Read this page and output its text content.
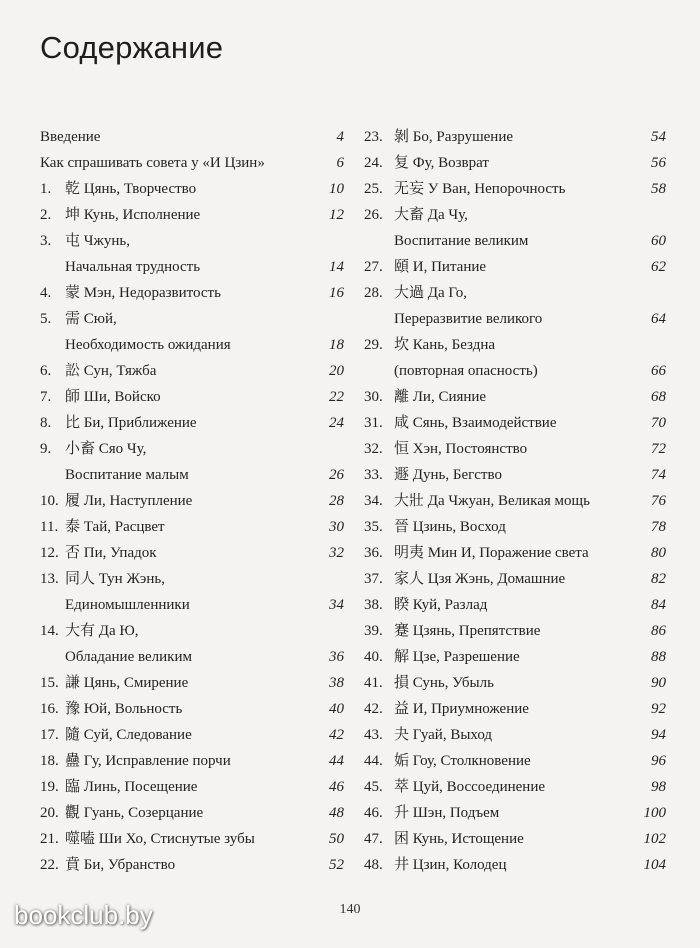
Содержание
Введение	4
Как спрашивать совета у «И Цзин»	6
1. 乾 Цянь, Творчество	10
2. 坤 Кунь, Исполнение	12
3. 屯 Чжунь,
Начальная трудность	14
4. 蒙 Мэн, Недоразвитость	16
5. 需 Сюй,
Необходимость ожидания	18
6. 訟 Сун, Тяжба	20
7. 師 Ши, Войско	22
8. 比 Би, Приближение	24
9. 小畜 Сяо Чу,
Воспитание малым	26
10. 履 Ли, Наступление	28
11. 泰 Тай, Расцвет	30
12. 否 Пи, Упадок	32
13. 同人 Тун Жэнь,
Единомышленники	34
14. 大有 Да Ю,
Обладание великим	36
15. 謙 Цянь, Смирение	38
16. 豫 Юй, Вольность	40
17. 隨 Суй, Следование	42
18. 蠱 Гу, Исправление порчи	44
19. 臨 Линь, Посещение	46
20. 觀 Гуань, Созерцание	48
21. 噬嗑 Ши Хо, Стиснутые зубы	50
22. 賁 Би, Убранство	52
23. 剝 Бо, Разрушение	54
24. 复 Фу, Возврат	56
25. 无妄 У Ван, Непорочность	58
26. 大畜 Да Чу,
Воспитание великим	60
27. 頤 И, Питание	62
28. 大過 Да Го,
Переразвитие великого	64
29. 坎 Кань, Бездна
(повторная опасность)	66
30. 離 Ли, Сияние	68
31. 咸 Сянь, Взаимодействие	70
32. 恒 Хэн, Постоянство	72
33. 遯 Дунь, Бегство	74
34. 大壯 Да Чжуан, Великая мощь	76
35. 晉 Цзинь, Восход	78
36. 明夷 Мин И, Поражение света	80
37. 家人 Цзя Жэнь, Домашние	82
38. 睽 Куй, Разлад	84
39. 蹇 Цзянь, Препятствие	86
40. 解 Цзе, Разрешение	88
41. 損 Сунь, Убыль	90
42. 益 И, Приумножение	92
43. 夬 Гуай, Выход	94
44. 姤 Гоу, Столкновение	96
45. 萃 Цуй, Воссоединение	98
46. 升 Шэн, Подъем	100
47. 困 Кунь, Истощение	102
48. 井 Цзин, Колодец	104
140
bookclub.by
